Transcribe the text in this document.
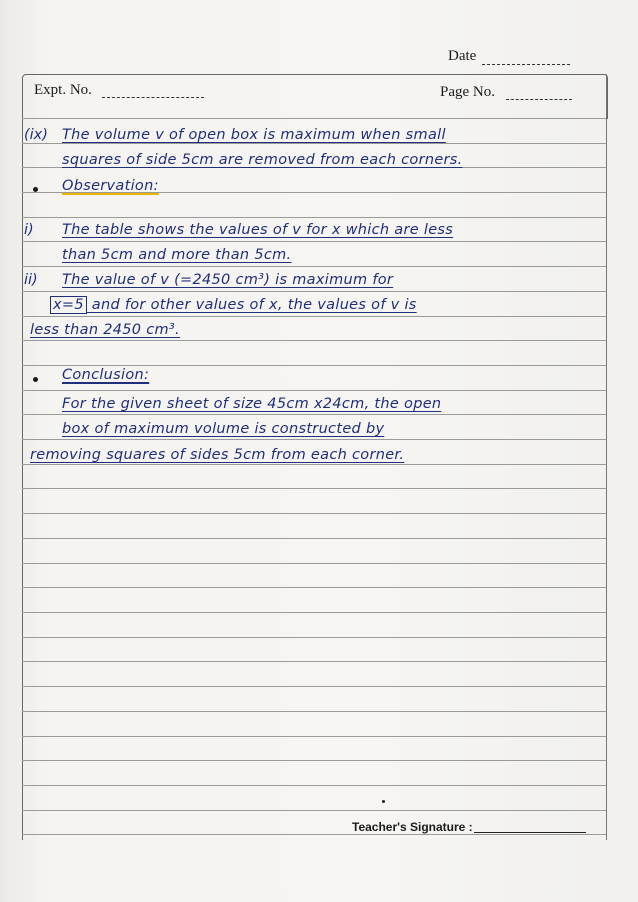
Date
Expt. No.	Page No.
(ix) The volume v of open box is maximum when small
squares of side 5cm are removed from each corners.
Observation:
i) The table shows the values of v for x which are less
than 5cm and more than 5cm.
ii) The value of v (=2450 cm³) is maximum for
x=5 and for other values of x, the values of v is
less than 2450 cm³.
Conclusion:
For the given sheet of size 45cm x24cm, the open
box of maximum volume is constructed by
removing squares of sides 5cm from each corner.
Teacher's Signature :
